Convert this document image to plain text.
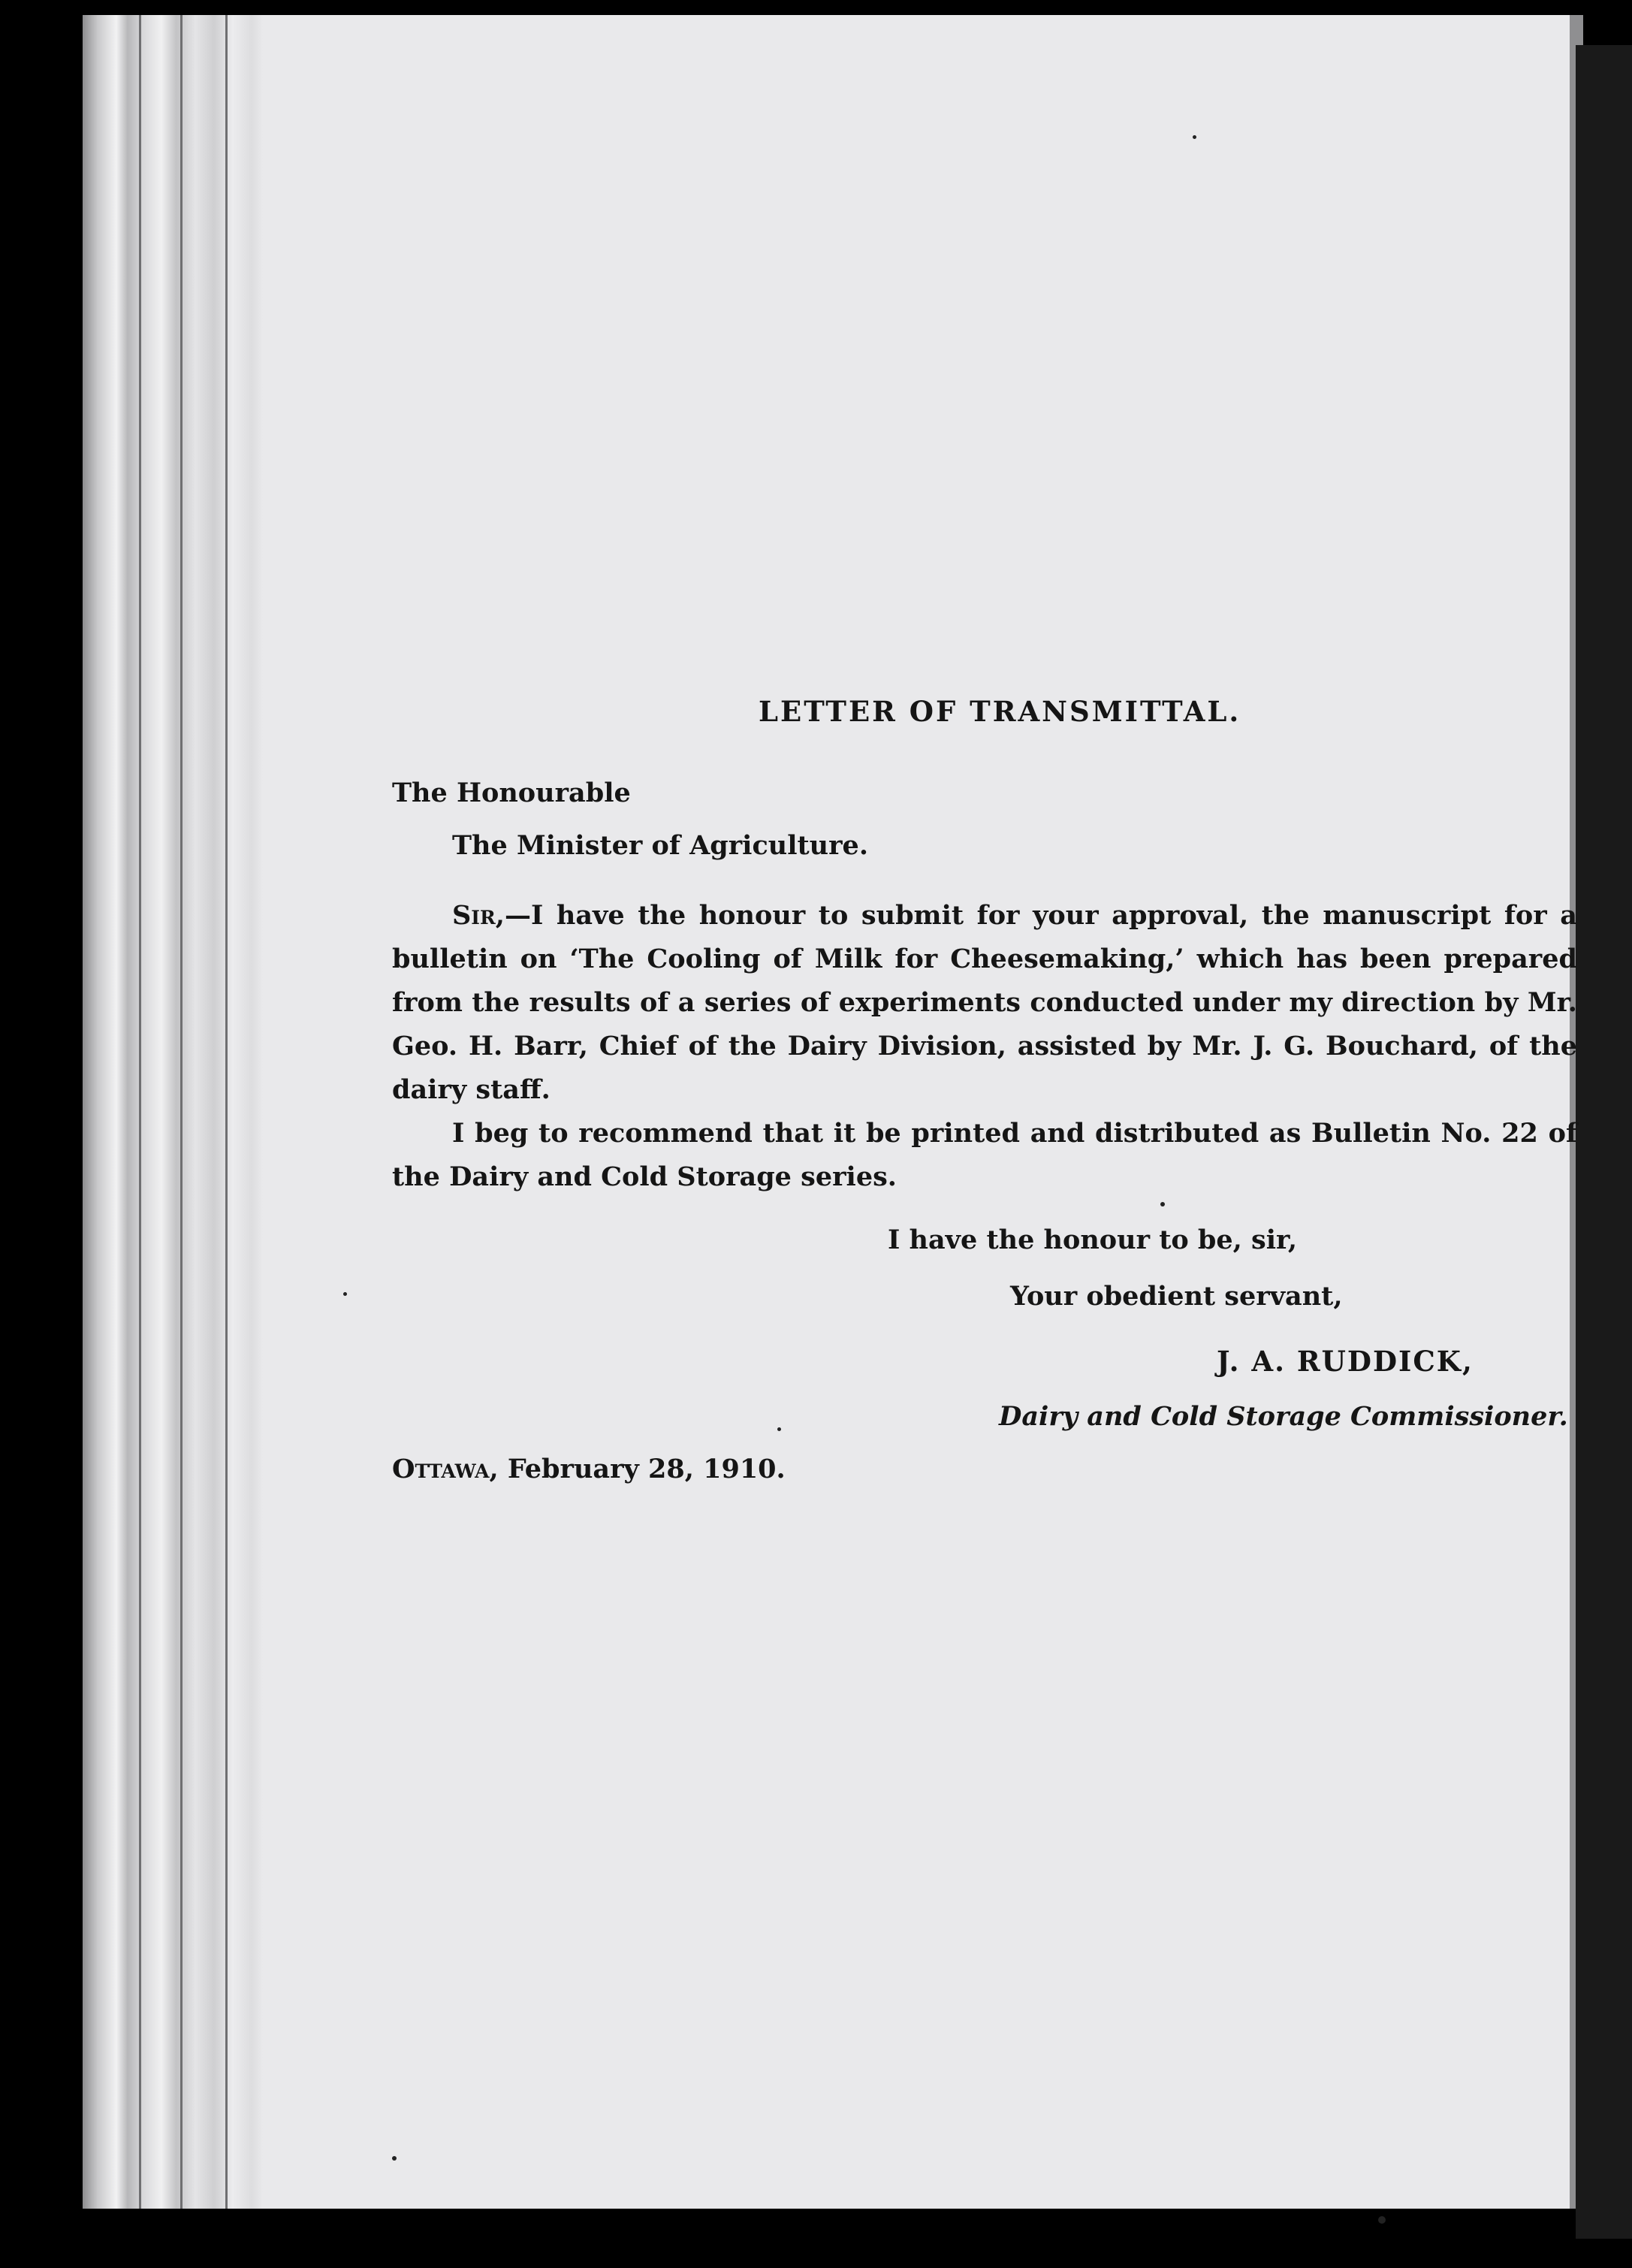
LETTER OF TRANSMITTAL.
The Honourable
The Minister of Agriculture.
Sir,—I have the honour to submit for your approval, the manuscript for a bulletin on ‘The Cooling of Milk for Cheesemaking,’ which has been prepared from the results of a series of experiments conducted under my direction by Mr. Geo. H. Barr, Chief of the Dairy Division, assisted by Mr. J. G. Bouchard, of the dairy staff.
I beg to recommend that it be printed and distributed as Bulletin No. 22 of the Dairy and Cold Storage series.
I have the honour to be, sir,
Your obedient servant,
J. A. RUDDICK,
Dairy and Cold Storage Commissioner.
Ottawa, February 28, 1910.
